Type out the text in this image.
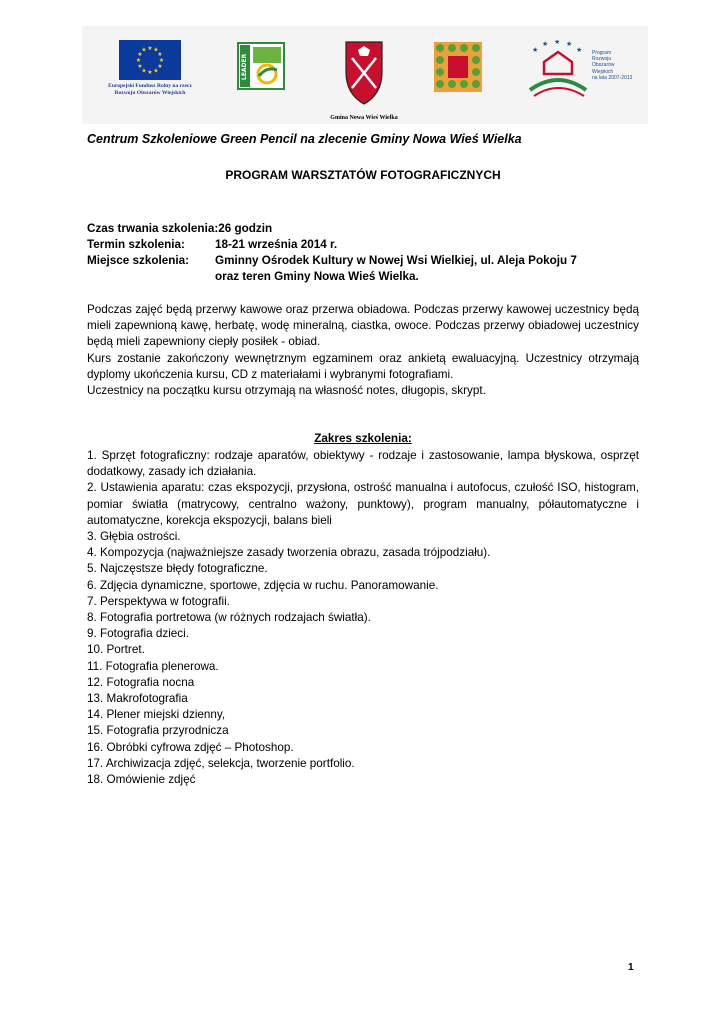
★ ★
★
★
★
★
★
★
★
★
★
★
Europejski Fundusz Rolny na rzecz Rozwoju Obszarów Wiejskich
LEADER
Gmina Nowa Wieś Wielka
★
★ ★ ★
★ Program
Rozwoju
Obszarów
Wiejskich
na lata 2007-2013
Centrum Szkoleniowe Green Pencil na zlecenie Gminy Nowa Wieś Wielka
PROGRAM WARSZTATÓW FOTOGRAFICZNYCH
Czas trwania szkolenia: 26 godzin
Termin szkolenia:	18-21 września 2014 r.
Miejsce szkolenia:	Gminny Ośrodek Kultury w Nowej Wsi Wielkiej, ul. Aleja Pokoju 7
oraz teren Gminy Nowa Wieś Wielka.
Podczas zajęć będą przerwy kawowe oraz przerwa obiadowa. Podczas przerwy kawowej uczestnicy będą mieli zapewnioną kawę, herbatę, wodę mineralną, ciastka, owoce. Podczas przerwy obiadowej uczestnicy będą mieli zapewniony ciepły posiłek - obiad.
Kurs zostanie zakończony wewnętrznym egzaminem oraz ankietą ewaluacyjną. Uczestnicy otrzymają dyplomy ukończenia kursu, CD z materiałami i wybranymi fotografiami.
Uczestnicy na początku kursu otrzymają na własność notes, długopis, skrypt.
Zakres szkolenia:

1. Sprzęt fotograficzny: rodzaje aparatów, obiektywy - rodzaje i zastosowanie, lampa błyskowa, osprzęt dodatkowy, zasady ich działania.

2. Ustawienia aparatu: czas ekspozycji, przysłona, ostrość manualna i autofocus, czułość ISO, histogram, pomiar światła (matrycowy, centralno ważony, punktowy), program manualny, półautomatyczne i automatyczne, korekcja ekspozycji, balans bieli

3. Głębia ostrości.

4. Kompozycja (najważniejsze zasady tworzenia obrazu, zasada trójpodziału).

5. Najczęstsze błędy fotograficzne.

6. Zdjęcia dynamiczne, sportowe, zdjęcia w ruchu. Panoramowanie.

7. Perspektywa w fotografii.

8. Fotografia portretowa (w różnych rodzajach światła).

9. Fotografia dzieci.

10. Portret.

11. Fotografia plenerowa.

12. Fotografia nocna

13. Makrofotografia

14. Plener miejski dzienny,

15. Fotografia przyrodnicza

16. Obróbki cyfrowa zdjęć – Photoshop.

17. Archiwizacja zdjęć, selekcja, tworzenie portfolio.

18. Omówienie zdjęć

1
